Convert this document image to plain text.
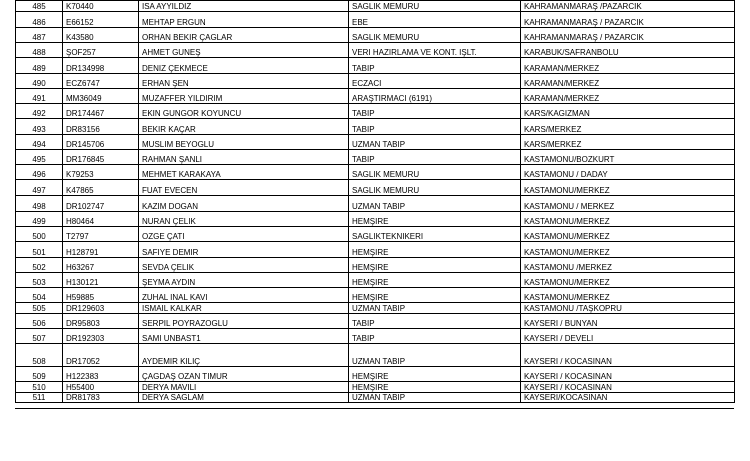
485	K70440	ISA AYYILDIZ	SAGLIK MEMURU	KAHRAMANMARAŞ /PAZARCIK
486	E66152	MEHTAP ERGUN	EBE	KAHRAMANMARAŞ / PAZARCIK
487	K43580	ORHAN BEKIR ÇAGLAR	SAGLIK MEMURU	KAHRAMANMARAŞ / PAZARCIK
488	ŞOF257	AHMET GUNEŞ	VERI HAZIRLAMA VE KONT. IŞLT.	KARABUK/SAFRANBOLU
489	DR134998	DENIZ ÇEKMECE	TABIP	KARAMAN/MERKEZ
490	ECZ6747	ERHAN ŞEN	ECZACI	KARAMAN/MERKEZ
491	MM36049	MUZAFFER YILDIRIM	ARAŞTIRMACI (6191)	KARAMAN/MERKEZ
492	DR174467	EKIN GUNGOR KOYUNCU	TABIP	KARS/KAGIZMAN
493	DR83156	BEKIR KAÇAR	TABIP	KARS/MERKEZ
494	DR145706	MUSLIM BEYOGLU	UZMAN TABIP	KARS/MERKEZ
495	DR176845	RAHMAN ŞANLI	TABIP	KASTAMONU/BOZKURT
496	K79253	MEHMET KARAKAYA	SAGLIK MEMURU	KASTAMONU / DADAY
497	K47865	FUAT EVECEN	SAGLIK MEMURU	KASTAMONU/MERKEZ
498	DR102747	KAZIM DOGAN	UZMAN TABIP	KASTAMONU / MERKEZ
499	H80464	NURAN ÇELIK	HEMŞIRE	KASTAMONU/MERKEZ
500	T2797	OZGE ÇATI	SAGLIKTEKNIKERI	KASTAMONU/MERKEZ
501	H128791	SAFIYE DEMIR	HEMŞIRE	KASTAMONU/MERKEZ
502	H63267	SEVDA ÇELIK	HEMŞIRE	KASTAMONU /MERKEZ
503	H130121	ŞEYMA AYDIN	HEMŞIRE	KASTAMONU/MERKEZ
504	H59885	ZUHAL INAL KAVI	HEMŞIRE	KASTAMONU/MERKEZ
505	DR129603	ISMAIL KALKAR	UZMAN TABIP	KASTAMONU /TAŞKOPRU
506	DR95803	SERPIL POYRAZOGLU	TABIP	KAYSERI / BUNYAN
507	DR192303	SAMI UNBAST1	TABIP	KAYSERI / DEVELI
508	DR17052	AYDEMIR KILIÇ	UZMAN TABIP	KAYSERI / KOCASINAN
509	H122383	ÇAGDAŞ OZAN TIMUR	HEMŞIRE	KAYSERI / KOCASINAN
510	H55400	DERYA MAVILI	HEMŞIRE	KAYSERI / KOCASINAN
511	DR81783	DERYA SAGLAM	UZMAN TABIP	KAYSERI/KOCASINAN
